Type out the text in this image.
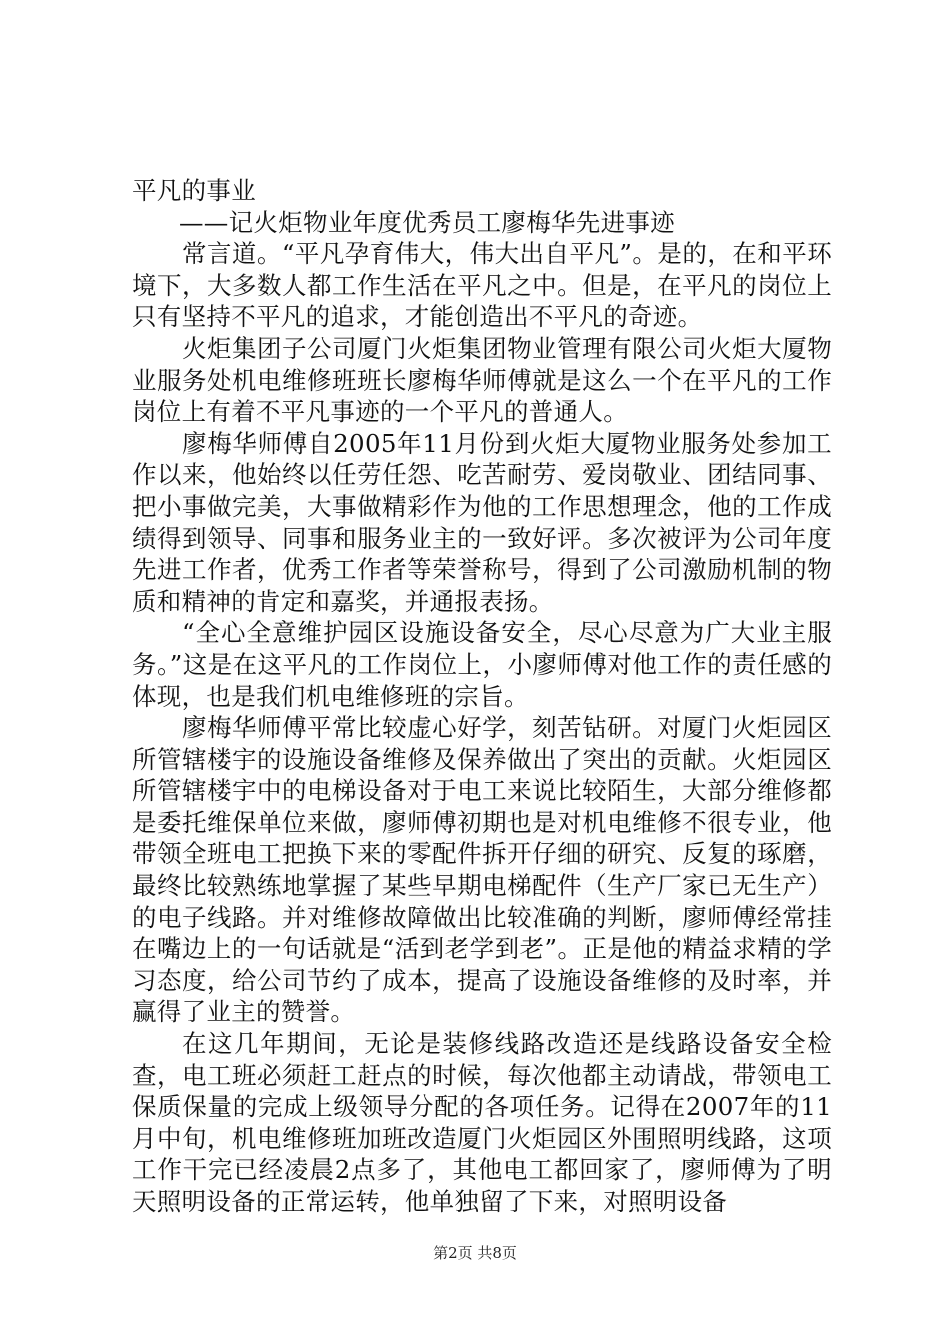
平凡的事业

——记火炬物业年度优秀员工廖梅华先进事迹

常言道。“平凡孕育伟大，伟大出自平凡”。是的，在和平环境下，大多数人都工作生活在平凡之中。但是，在平凡的岗位上只有坚持不平凡的追求，才能创造出不平凡的奇迹。

火炬集团子公司厦门火炬集团物业管理有限公司火炬大厦物业服务处机电维修班班长廖梅华师傅就是这么一个在平凡的工作岗位上有着不平凡事迹的一个平凡的普通人。

廖梅华师傅自2005年11月份到火炬大厦物业服务处参加工作以来，他始终以任劳任怨、吃苦耐劳、爱岗敬业、团结同事、把小事做完美，大事做精彩作为他的工作思想理念，他的工作成绩得到领导、同事和服务业主的一致好评。多次被评为公司年度先进工作者，优秀工作者等荣誉称号，得到了公司激励机制的物质和精神的肯定和嘉奖，并通报表扬。

“全心全意维护园区设施设备安全，尽心尽意为广大业主服务。”这是在这平凡的工作岗位上，小廖师傅对他工作的责任感的体现，也是我们机电维修班的宗旨。

廖梅华师傅平常比较虚心好学，刻苦钻研。对厦门火炬园区所管辖楼宇的设施设备维修及保养做出了突出的贡献。火炬园区所管辖楼宇中的电梯设备对于电工来说比较陌生，大部分维修都是委托维保单位来做，廖师傅初期也是对机电维修不很专业，他带领全班电工把换下来的零配件拆开仔细的研究、反复的琢磨，最终比较熟练地掌握了某些早期电梯配件（生产厂家已无生产）的电子线路。并对维修故障做出比较准确的判断，廖师傅经常挂在嘴边上的一句话就是“活到老学到老”。正是他的精益求精的学习态度，给公司节约了成本，提高了设施设备维修的及时率，并赢得了业主的赞誉。

在这几年期间，无论是装修线路改造还是线路设备安全检查，电工班必须赶工赶点的时候，每次他都主动请战，带领电工保质保量的完成上级领导分配的各项任务。记得在2007年的11月中旬，机电维修班加班改造厦门火炬园区外围照明线路，这项工作干完已经凌晨2点多了，其他电工都回家了，廖师傅为了明天照明设备的正常运转，他单独留了下来，对照明设备

第2页 共8页
